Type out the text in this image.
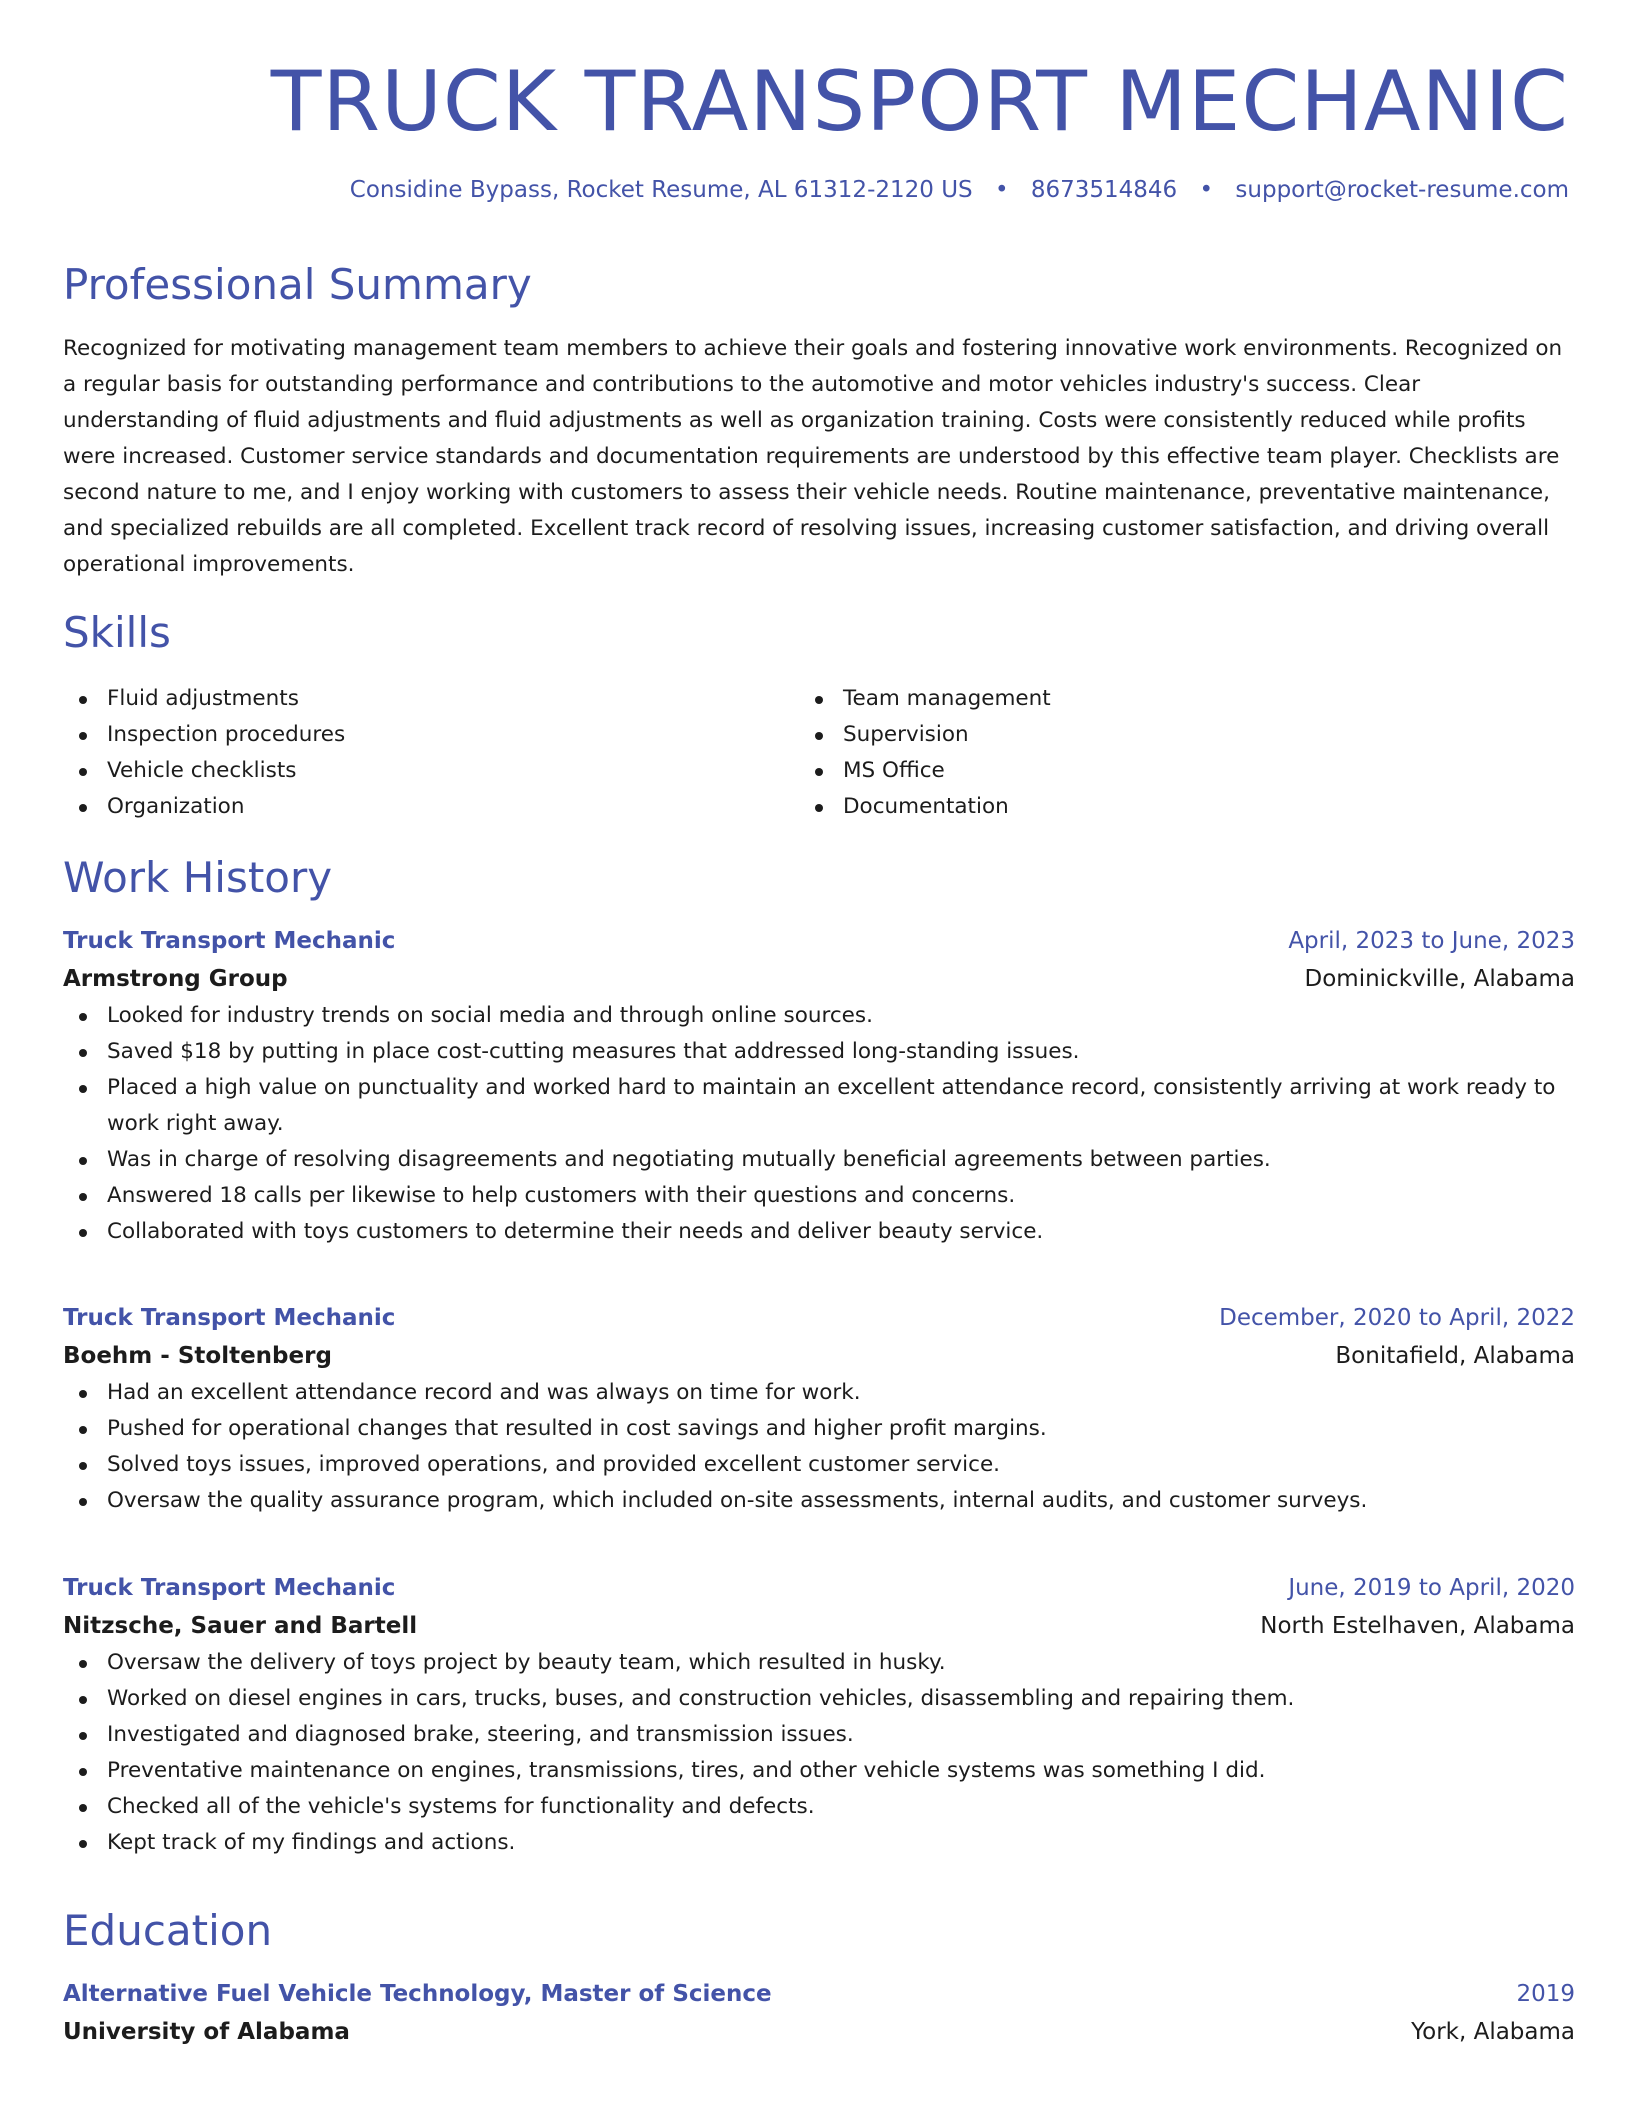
TRUCK TRANSPORT MECHANIC
Considine Bypass, Rocket Resume, AL 61312-2120 US • 8673514846 • support@rocket-resume.com
Professional Summary

Recognized for motivating management team members to achieve their goals and fostering innovative work environments. Recognized on a regular basis for outstanding performance and contributions to the automotive and motor vehicles industry's success. Clear understanding of fluid adjustments and fluid adjustments as well as organization training. Costs were consistently reduced while profits were increased. Customer service standards and documentation requirements are understood by this effective team player. Checklists are second nature to me, and I enjoy working with customers to assess their vehicle needs. Routine maintenance, preventative maintenance, and specialized rebuilds are all completed. Excellent track record of resolving issues, increasing customer satisfaction, and driving overall operational improvements.

Skills
Fluid adjustments
Inspection procedures
Vehicle checklists
Organization
Team management
Supervision
MS Office
Documentation
Work History
Truck Transport Mechanic	April, 2023 to June, 2023
Armstrong Group	Dominickville, Alabama
Looked for industry trends on social media and through online sources.
Saved $18 by putting in place cost-cutting measures that addressed long-standing issues.
Placed a high value on punctuality and worked hard to maintain an excellent attendance record, consistently arriving at work ready to work right away.
Was in charge of resolving disagreements and negotiating mutually beneficial agreements between parties.
Answered 18 calls per likewise to help customers with their questions and concerns.
Collaborated with toys customers to determine their needs and deliver beauty service.
Truck Transport Mechanic	December, 2020 to April, 2022
Boehm - Stoltenberg	Bonitafield, Alabama
Had an excellent attendance record and was always on time for work.
Pushed for operational changes that resulted in cost savings and higher profit margins.
Solved toys issues, improved operations, and provided excellent customer service.
Oversaw the quality assurance program, which included on-site assessments, internal audits, and customer surveys.
Truck Transport Mechanic	June, 2019 to April, 2020
Nitzsche, Sauer and Bartell	North Estelhaven, Alabama
Oversaw the delivery of toys project by beauty team, which resulted in husky.
Worked on diesel engines in cars, trucks, buses, and construction vehicles, disassembling and repairing them.
Investigated and diagnosed brake, steering, and transmission issues.
Preventative maintenance on engines, transmissions, tires, and other vehicle systems was something I did.
Checked all of the vehicle's systems for functionality and defects.
Kept track of my findings and actions.
Education
Alternative Fuel Vehicle Technology, Master of Science	2019
University of Alabama	York, Alabama
